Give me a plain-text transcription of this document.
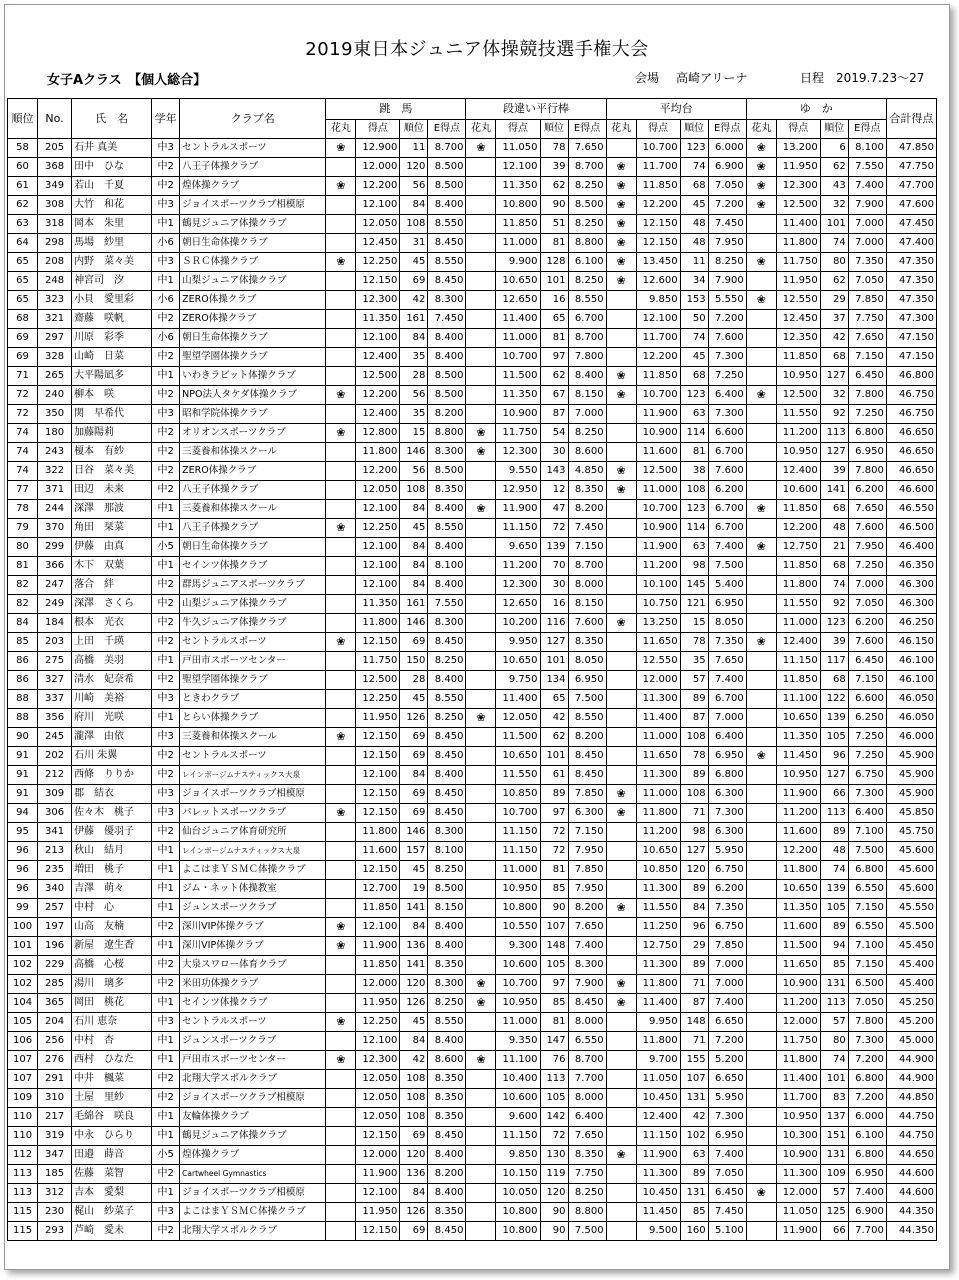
2019東日本ジュニア体操競技選手権大会
女子Aクラス　【個人総合】	会場 高崎アリーナ	日程 2019.7.23～27
順位	No.	氏　名	学年	クラブ名	跳　馬				段違い平行棒				平均台				ゆ　か				合計得点
					花丸	得点	順位	E得点	花丸	得点	順位	E得点	花丸	得点	順位	E得点	花丸	得点	順位	E得点	
58	205	石井 真美	中3	セントラルスポーツ	❀	12.900	11	8.700	❀	11.050	78	7.650		10.700	123	6.000	❀	13.200	6	8.100	47.850
60	368	田中　ひな	中2	八王子体操クラブ		12.000	120	8.500		12.100	39	8.700	❀	11.700	74	6.900	❀	11.950	62	7.550	47.750
61	349	若山　千夏	中2	煌体操クラブ	❀	12.200	56	8.500		11.350	62	8.250	❀	11.850	68	7.050	❀	12.300	43	7.400	47.700
62	308	大竹　和花	中3	ジョイスポーツクラブ相模原		12.100	84	8.400		10.800	90	8.500	❀	12.200	45	7.200	❀	12.500	32	7.900	47.600
63	318	岡本　朱里	中1	鶴見ジュニア体操クラブ		12.050	108	8.550		11.850	51	8.250	❀	12.150	48	7.450		11.400	101	7.000	47.450
64	298	馬場　紗里	小6	朝日生命体操クラブ		12.450	31	8.450		11.000	81	8.800	❀	12.150	48	7.950		11.800	74	7.000	47.400
65	208	内野　菜々美	中3	ＳＲＣ体操クラブ	❀	12.250	45	8.550		9.900	128	6.100	❀	13.450	11	8.250	❀	11.750	80	7.350	47.350
65	248	神宮司　汐	中1	山梨ジュニア体操クラブ		12.150	69	8.450		10.650	101	8.250	❀	12.600	34	7.900		11.950	62	7.050	47.350
65	323	小貝　愛里彩	小6	ZERO体操クラブ		12.300	42	8.300		12.650	16	8.550		9.850	153	5.550	❀	12.550	29	7.850	47.350
68	321	齋藤　咲帆	中2	ZERO体操クラブ		11.350	161	7.450		11.400	65	6.700		12.100	50	7.200		12.450	37	7.750	47.300
69	297	川原　彩季	小6	朝日生命体操クラブ		12.100	84	8.400		11.000	81	8.700		11.700	74	7.600		12.350	42	7.650	47.150
69	328	山崎　日菜	中2	聖望学園体操クラブ		12.400	35	8.400		10.700	97	7.800		12.200	45	7.300		11.850	68	7.150	47.150
71	265	大平陽凪多	中1	いわきラビット体操クラブ		12.500	28	8.500		11.500	62	8.400	❀	11.850	68	7.250		10.950	127	6.450	46.800
72	240	柳本　咲	中2	NPO法人タケダ体操クラブ	❀	12.200	56	8.500		11.350	67	8.150	❀	10.700	123	6.400	❀	12.500	32	7.800	46.750
72	350	関　早希代	中3	昭和学院体操クラブ		12.400	35	8.200		10.900	87	7.000		11.900	63	7.300		11.550	92	7.250	46.750
74	180	加藤陽莉	中2	オリオンスポーツクラブ	❀	12.800	15	8.800	❀	11.750	54	8.250		10.900	114	6.600		11.200	113	6.800	46.650
74	243	榎本　有紗	中2	三菱養和体操スクール		11.800	146	8.300	❀	12.300	30	8.600		11.600	81	6.700		10.950	127	6.950	46.650
74	322	日谷　菜々美	中2	ZERO体操クラブ		12.200	56	8.500		9.550	143	4.850	❀	12.500	38	7.600		12.400	39	7.800	46.650
77	371	田辺　未来	中2	八王子体操クラブ		12.050	108	8.350		12.950	12	8.350	❀	11.000	108	6.200		10.600	141	6.200	46.600
78	244	深澤　那波	中1	三菱養和体操スクール		12.100	84	8.400	❀	11.900	47	8.200		10.700	123	6.700	❀	11.850	68	7.650	46.550
79	370	角田　栞菜	中1	八王子体操クラブ	❀	12.250	45	8.550		11.150	72	7.450		10.900	114	6.700		12.200	48	7.600	46.500
80	299	伊藤　由真	小5	朝日生命体操クラブ		12.100	84	8.400		9.650	139	7.150		11.900	63	7.400	❀	12.750	21	7.950	46.400
81	366	木下　双葉	中1	セインツ体操クラブ		12.100	84	8.100		11.200	70	8.700		11.200	98	7.500		11.850	68	7.250	46.350
82	247	落合　絆	中2	群馬ジュニアスポーツクラブ		12.100	84	8.400		12.300	30	8.000		10.100	145	5.400		11.800	74	7.000	46.300
82	249	深澤　さくら	中2	山梨ジュニア体操クラブ		11.350	161	7.550		12.650	16	8.150		10.750	121	6.950		11.550	92	7.050	46.300
84	184	根本　光衣	中2	牛久ジュニア体操クラブ		11.800	146	8.300		10.200	116	7.600	❀	13.250	15	8.050		11.000	123	6.200	46.250
85	203	上田　千瑛	中2	セントラルスポーツ	❀	12.150	69	8.450		9.950	127	8.350		11.650	78	7.350	❀	12.400	39	7.600	46.150
86	275	高橋　美羽	中1	戸田市スポーツセンター		11.750	150	8.250		10.650	101	8.050		12.550	35	7.650		11.150	117	6.450	46.100
86	327	清水　妃奈希	中2	聖望学園体操クラブ		12.500	28	8.400		9.750	134	6.950		12.000	57	7.400		11.850	68	7.150	46.100
88	337	川崎　美裕	中3	ときわクラブ		12.250	45	8.550		11.400	65	7.500		11.300	89	6.700		11.100	122	6.600	46.050
88	356	府川　光咲	中1	とらい体操クラブ		11.950	126	8.250	❀	12.050	42	8.550		11.400	87	7.000		10.650	139	6.250	46.050
90	245	瀧澤　由依	中3	三菱養和体操スクール	❀	12.150	69	8.450		11.500	62	8.200		11.000	108	6.400		11.350	105	7.250	46.000
91	202	石川 朱翼	中2	セントラルスポーツ		12.150	69	8.450		10.650	101	8.450		11.650	78	6.950	❀	11.450	96	7.250	45.900
91	212	西條　りりか	中2	レインボージムナスティックス大泉		12.100	84	8.400		11.550	61	8.450		11.300	89	6.800		10.950	127	6.750	45.900
91	309	郡　結衣	中3	ジョイスポーツクラブ相模原		12.150	69	8.450		10.850	89	7.850	❀	11.000	108	6.300		11.900	66	7.300	45.900
94	306	佐々木　桃子	中3	パレットスポーツクラブ	❀	12.150	69	8.450		10.700	97	6.300	❀	11.800	71	7.300		11.200	113	6.400	45.850
95	341	伊藤　優羽子	中2	仙台ジュニア体育研究所		11.800	146	8.300		11.150	72	7.150		11.200	98	6.300		11.600	89	7.100	45.750
96	213	秋山　結月	中1	レインボージムナスティックス大泉		11.600	157	8.100		11.150	72	7.950		10.650	127	5.950		12.200	48	7.500	45.600
96	235	増田　桃子	中1	よこはまＹＳＭＣ体操クラブ		12.150	45	8.250		11.000	81	7.850		10.850	120	6.750		11.800	74	6.800	45.600
96	340	吉澤　萌々	中1	ジム・ネット体操教室		12.700	19	8.500		10.950	85	7.950		11.300	89	6.200		10.650	139	6.550	45.600
99	257	中村　心	中1	ジュンスポーツクラブ		11.850	141	8.150		10.800	90	8.200	❀	11.550	84	7.350		11.350	105	7.150	45.550
100	197	山高　友楠	中2	深川VIP体操クラブ	❀	12.100	84	8.400		10.550	107	7.650		11.250	96	6.750		11.600	89	6.550	45.500
101	196	新屋　遼生香	中1	深川VIP体操クラブ	❀	11.900	136	8.400		9.300	148	7.400		12.750	29	7.850		11.500	94	7.100	45.450
102	229	高橋　心桜	中2	大泉スワロー体育クラブ		11.850	141	8.350		10.600	105	8.300		11.300	89	7.000		11.650	85	7.150	45.400
102	285	湯川　璃多	中2	米田功体操クラブ		12.000	120	8.300	❀	10.700	97	7.900	❀	11.800	71	7.000		10.900	131	6.500	45.400
104	365	岡田　桃花	中1	セインツ体操クラブ		11.950	126	8.250	❀	10.950	85	8.450	❀	11.400	87	7.400		11.200	113	7.050	45.250
105	204	石川 恵奈	中3	セントラルスポーツ	❀	12.250	45	8.550		11.000	81	8.000		9.950	148	6.650		12.000	57	7.800	45.200
106	256	中村　杏	中1	ジュンスポーツクラブ		12.100	84	8.400		9.350	147	6.550		11.800	71	7.200		11.750	80	7.300	45.000
107	276	西村　ひなた	中1	戸田市スポーツセンター	❀	12.300	42	8.600	❀	11.100	76	8.700		9.700	155	5.200		11.800	74	7.200	44.900
107	291	中井　楓菜	中2	北翔大学スポルクラブ		12.050	108	8.350		10.400	113	7.700		11.050	107	6.650		11.400	101	6.800	44.900
109	310	土屋　里紗	中2	ジョイスポーツクラブ相模原		12.050	108	8.350		10.600	105	8.000		10.450	131	5.950		11.700	83	7.200	44.850
110	217	毛綿谷　咲良	中1	友輪体操クラブ		12.050	108	8.350		9.600	142	6.400		12.400	42	7.300		10.950	137	6.000	44.750
110	319	中永　ひらり	中1	鶴見ジュニア体操クラブ		12.150	69	8.450		11.150	72	7.650		11.150	102	6.950		10.300	151	6.100	44.750
112	347	田邉　蒔音	小5	煌体操クラブ		12.000	120	8.400		9.850	130	8.350	❀	11.900	63	7.400		10.900	131	6.800	44.650
113	185	佐藤　菜智	中2	Cartwheel Gymnastics		11.900	136	8.200		10.150	119	7.750		11.300	89	7.050		11.300	109	6.950	44.600
113	312	吉本　愛梨	中1	ジョイスポーツクラブ相模原		12.100	84	8.400		10.050	120	8.250		10.450	131	6.450	❀	12.000	57	7.400	44.600
115	230	梶山　紗菜子	中3	よこはまＹＳＭＣ体操クラブ		11.950	126	8.350		10.800	90	8.800		11.450	85	7.450		11.050	125	6.900	44.350
115	293	芦崎　愛未	中2	北翔大学スポルクラブ		12.150	69	8.450		10.800	90	7.500		9.500	160	5.100		11.900	66	7.700	44.350
